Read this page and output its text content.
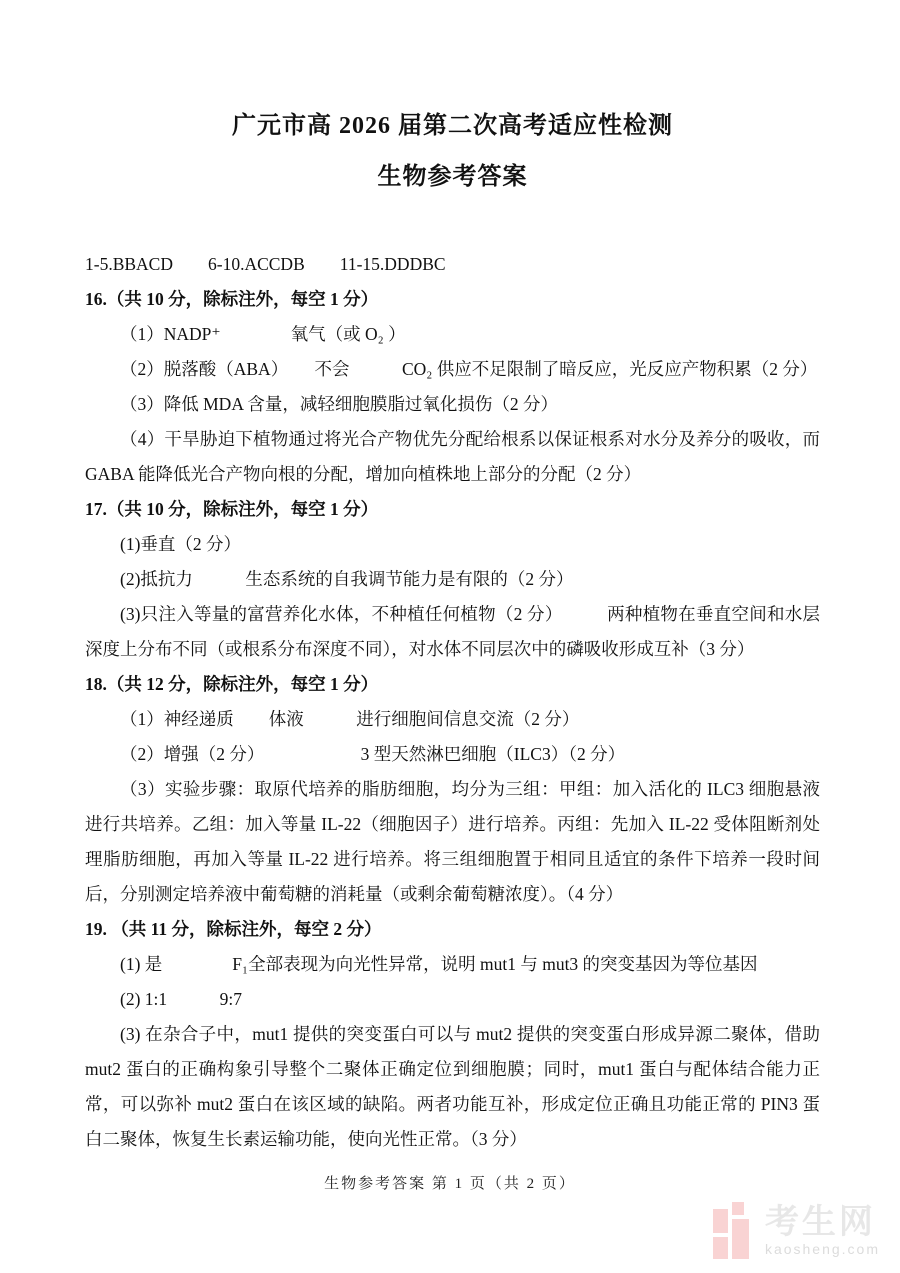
广元市高 2026 届第二次高考适应性检测
生物参考答案
1-5.BBACD　　6-10.ACCDB　　11-15.DDDBC

16.（共 10 分，除标注外，每空 1 分）

（1）NADP⁺　　　　氧气（或 O₂ ）

（2）脱落酸（ABA）　　不会　　　CO₂ 供应不足限制了暗反应，光反应产物积累（2 分）

（3）降低 MDA 含量，减轻细胞膜脂过氧化损伤（2 分）

（4）干旱胁迫下植物通过将光合产物优先分配给根系以保证根系对水分及养分的吸收，而 GABA 能降低光合产物向根的分配，增加向植株地上部分的分配（2 分）

17.（共 10 分，除标注外，每空 1 分）

(1)垂直（2 分）

(2)抵抗力　　　生态系统的自我调节能力是有限的（2 分）

(3)只注入等量的富营养化水体，不种植任何植物（2 分）　　　两种植物在垂直空间和水层深度上分布不同（或根系分布深度不同），对水体不同层次中的磷吸收形成互补（3 分）

18.（共 12 分，除标注外，每空 1 分）

（1）神经递质　　体液　　　进行细胞间信息交流（2 分）

（2）增强（2 分）　　　　　　3 型天然淋巴细胞（ILC3）（2 分）

（3）实验步骤：取原代培养的脂肪细胞，均分为三组：甲组：加入活化的 ILC3 细胞悬液进行共培养。乙组：加入等量 IL-22（细胞因子）进行培养。丙组：先加入 IL-22 受体阻断剂处理脂肪细胞，再加入等量 IL-22 进行培养。将三组细胞置于相同且适宜的条件下培养一段时间后，分别测定培养液中葡萄糖的消耗量（或剩余葡萄糖浓度）。（4 分）

19. （共 11 分，除标注外，每空 2 分）

(1) 是　　　　F₁全部表现为向光性异常，说明 mut1 与 mut3 的突变基因为等位基因

(2) 1:1　　　9:7

(3) 在杂合子中，mut1 提供的突变蛋白可以与 mut2 提供的突变蛋白形成异源二聚体，借助 mut2 蛋白的正确构象引导整个二聚体正确定位到细胞膜；同时，mut1 蛋白与配体结合能力正常，可以弥补 mut2 蛋白在该区域的缺陷。两者功能互补，形成定位正确且功能正常的 PIN3 蛋白二聚体，恢复生长素运输功能，使向光性正常。（3 分）

生物参考答案 第 1 页（共 2 页）
考生网
kaosheng.com
